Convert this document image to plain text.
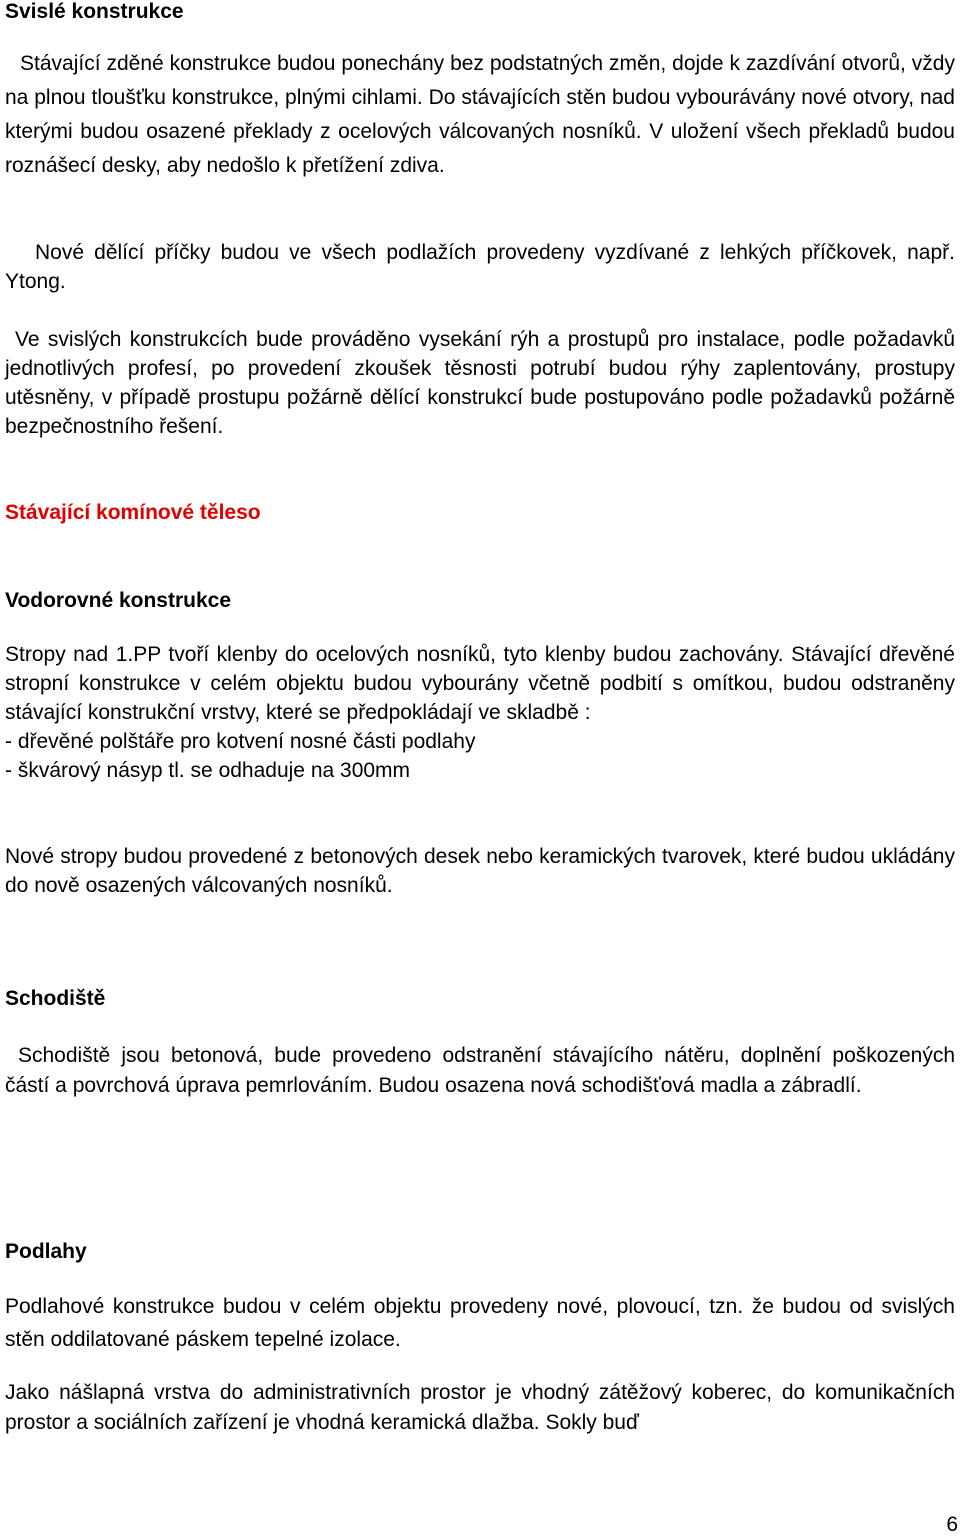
Svislé konstrukce

Stávající zděné konstrukce budou ponechány bez podstatných změn, dojde k zazdívání otvorů, vždy na plnou tloušťku konstrukce, plnými cihlami. Do stávajících stěn budou vybourávány nové otvory, nad kterými budou osazené překlady z ocelových válcovaných nosníků. V uložení všech překladů budou roznášecí desky, aby nedošlo k přetížení zdiva.

Nové dělící příčky budou ve všech podlažích provedeny vyzdívané z lehkých příčkovek, např. Ytong.

Ve svislých konstrukcích bude prováděno vysekání rýh a prostupů pro instalace, podle požadavků jednotlivých profesí, po provedení zkoušek těsnosti potrubí budou rýhy zaplentovány, prostupy utěsněny, v případě prostupu požárně dělící konstrukcí bude postupováno podle požadavků požárně bezpečnostního řešení.

Stávající komínové těleso
Vodorovné konstrukce

Stropy nad 1.PP tvoří klenby do ocelových nosníků, tyto klenby budou zachovány. Stávající dřevěné stropní konstrukce v celém objektu budou vybourány včetně podbití s omítkou, budou odstraněny stávající konstrukční vrstvy, které se předpokládají ve skladbě :

- dřevěné polštáře pro kotvení nosné části podlahy
- škvárový násyp tl. se odhaduje na 300mm

Nové stropy budou provedené z betonových desek nebo keramických tvarovek, které budou ukládány do nově osazených válcovaných nosníků.

Schodiště

Schodiště jsou betonová, bude provedeno odstranění stávajícího nátěru, doplnění poškozených částí a povrchová úprava pemrlováním. Budou osazena nová schodišťová madla a zábradlí.

Podlahy

Podlahové konstrukce budou v celém objektu provedeny nové, plovoucí, tzn. že budou od svislých stěn oddilatované páskem tepelné izolace.

Jako nášlapná vrstva do administrativních prostor je vhodný zátěžový koberec, do komunikačních prostor a sociálních zařízení je vhodná keramická dlažba. Sokly buď

6
